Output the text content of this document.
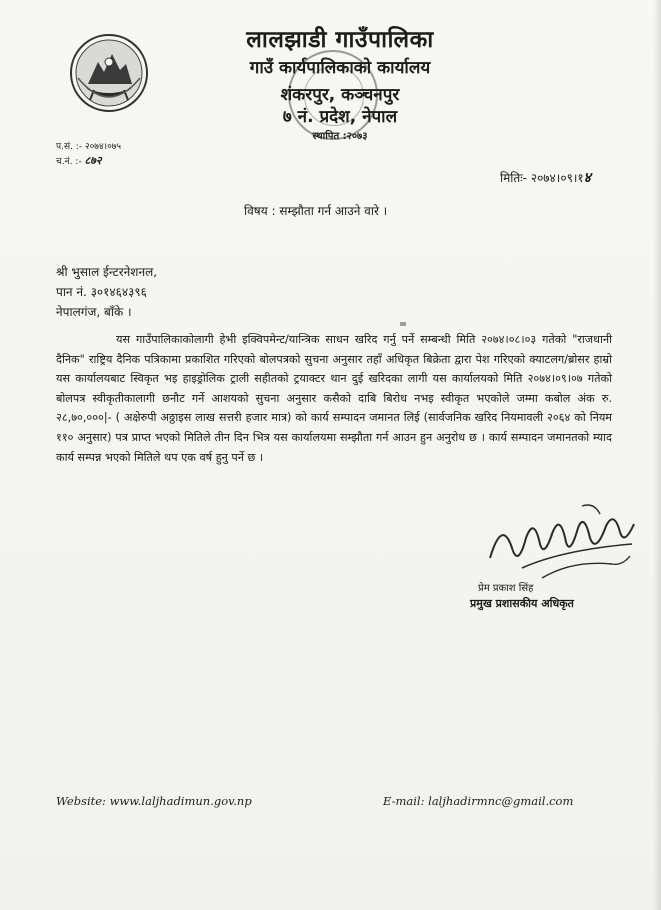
लालझाडी गाउँपालिका
गाउँ कार्यपालिकाको कार्यालय
शंकरपुर, कञ्चनपुर
७ नं. प्रदेश, नेपाल
स्थापित :२०७३
प.सं. :- २०७४।०७५
च.नं. :- ८७२
मितिः- २०७४।०९।१४
विषय : सम्झौता गर्न आउने वारे ।
श्री भुसाल ईन्टरनेशनल,
पान नं. ३०१४६४३९६
नेपालगंज, बाँके ।

यस गाउँपालिकाकोलागी हेभी इक्विपमेन्ट/यान्त्रिक साधन खरिद गर्नु पर्ने सम्बन्धी मिति २०७४।०८।०३ गतेको "राजधानी दैनिक" राष्ट्रिय दैनिक पत्रिकामा प्रकाशित गरिएको बोलपत्रको सुचना अनुसार तहाँ अधिकृत बिक्रेता द्वारा पेश गरिएको क्याटलग/ब्रोसर हाम्रो यस कार्यालयबाट स्विकृत भइ हाइड्रोलिक ट्राली सहीतको ट्रयाक्टर थान दुई खरिदका लागी यस कार्यालयको मिति २०७४।०९।०७ गतेको बोलपत्र स्वीकृतीकालागी छनौट गर्ने आशयको सुचना अनुसार कसैको दाबि बिरोध नभइ स्वीकृत भएकोले जम्मा कबोल अंक रु. २८,७०,०००|- ( अक्षेरुपी अठ्ठाइस लाख सत्तरी हजार मात्र) को कार्य सम्पादन जमानत लिई (सार्वजनिक खरिद नियमावली २०६४ को नियम ११० अनुसार) पत्र प्राप्त भएको मितिले तीन दिन भित्र यस कार्यालयमा सम्झौता गर्न आउन हुन अनुरोध छ । कार्य सम्पादन जमानतको म्याद कार्य सम्पन्न भएको मितिले थप एक वर्ष हुनु पर्ने छ ।

प्रेम प्रकाश सिंह
प्रमुख प्रशासकीय अधिकृत
Website: www.laljhadimun.gov.np	E-mail: laljhadirmnc@gmail.com
